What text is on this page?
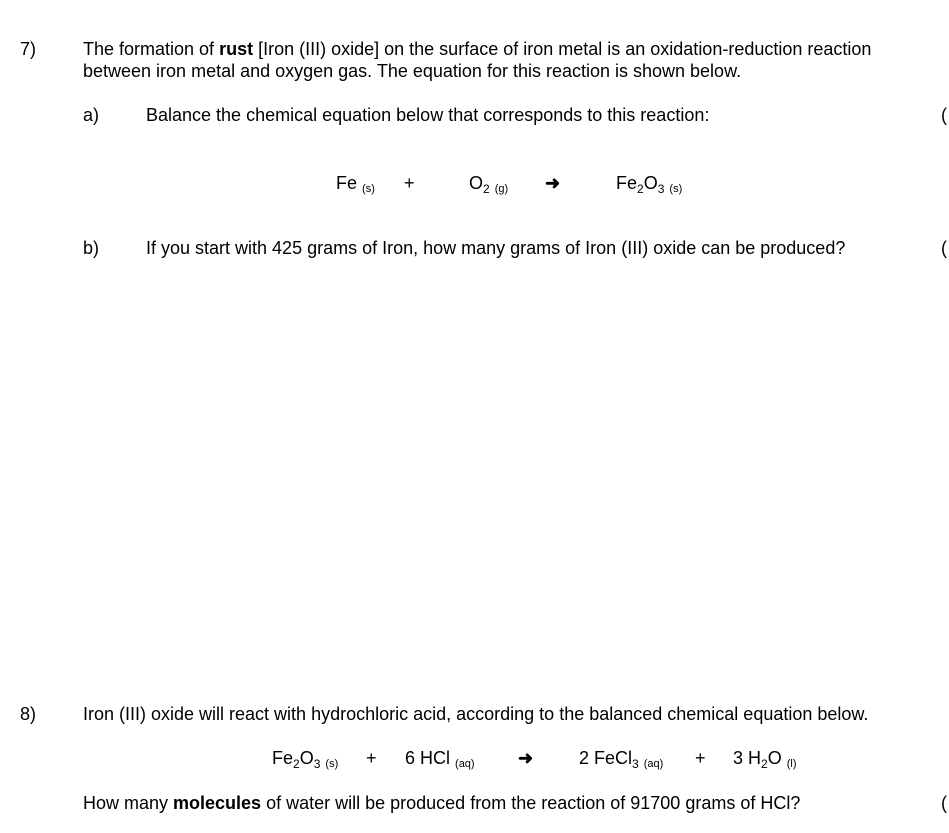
7)	The formation of rust [Iron (III) oxide] on the surface of iron metal is an oxidation-reduction reaction
between iron metal and oxygen gas. The equation for this reaction is shown below.
a)	Balance the chemical equation below that corresponds to this reaction:	(
Fe (s) +	$O_2$ (g) ➜	$Fe_2O_3$ (s)
b)	If you start with 425 grams of Iron, how many grams of Iron (III) oxide can be produced?	(
8)	Iron (III) oxide will react with hydrochloric acid, according to the balanced chemical equation below.
$Fe_2O_3$ (s) + 6 HCl (aq) ➜	2 FeCl$_3$ (aq) + 3 $H_2O$ (l)
How many molecules of water will be produced from the reaction of 91700 grams of HCl?	(
